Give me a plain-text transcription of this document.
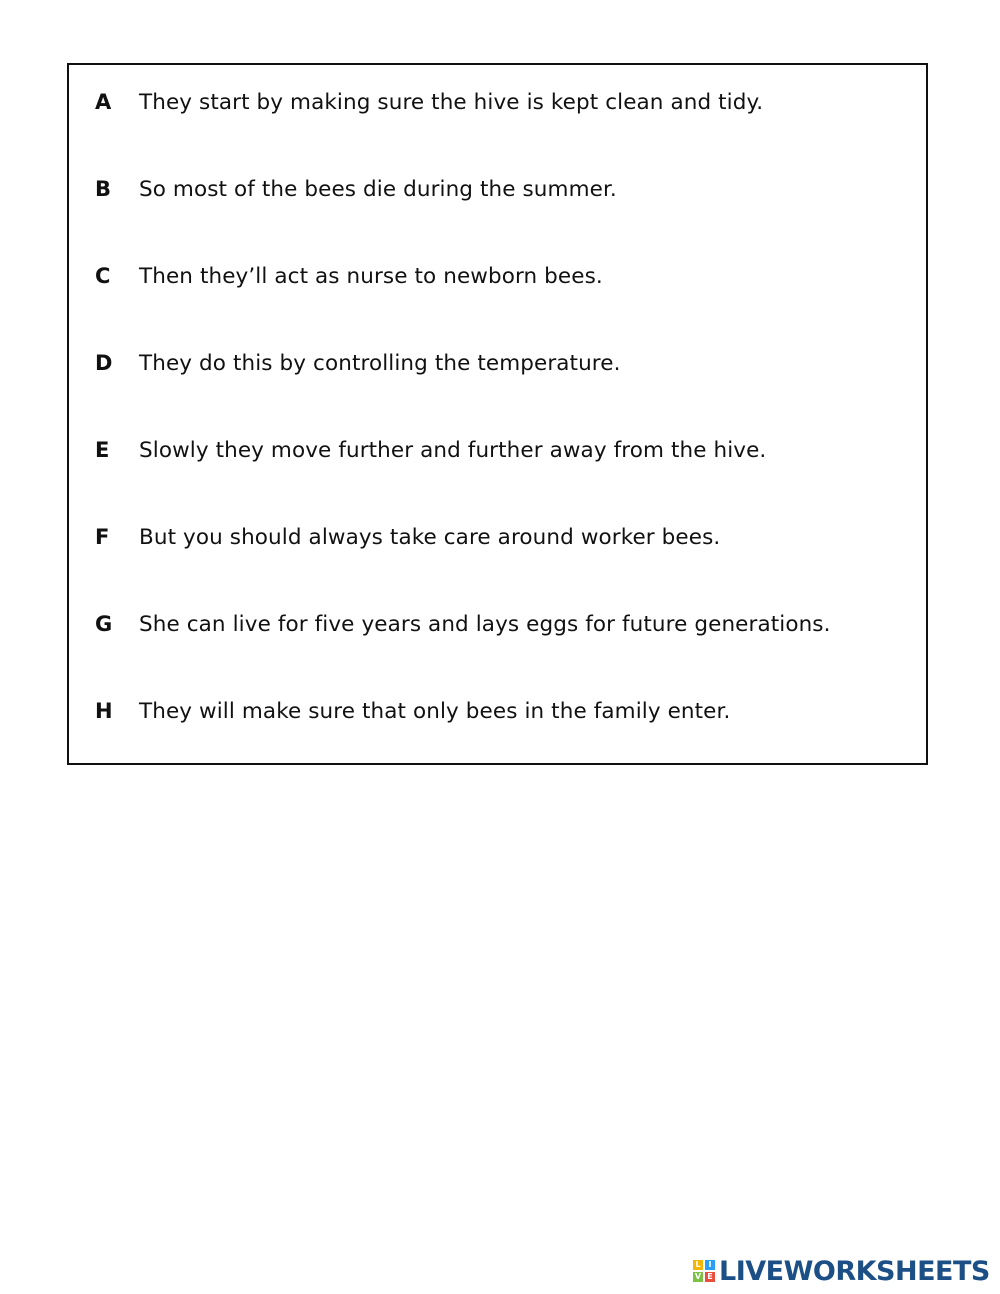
A	They start by making sure the hive is kept clean and tidy.
B	So most of the bees die during the summer.
C	Then they’ll act as nurse to newborn bees.
D	They do this by controlling the temperature.
E	Slowly they move further and further away from the hive.
F	But you should always take care around worker bees.
G	She can live for five years and lays eggs for future generations.
H	They will make sure that only bees in the family enter.
L I
V E LIVEWORKSHEETS
